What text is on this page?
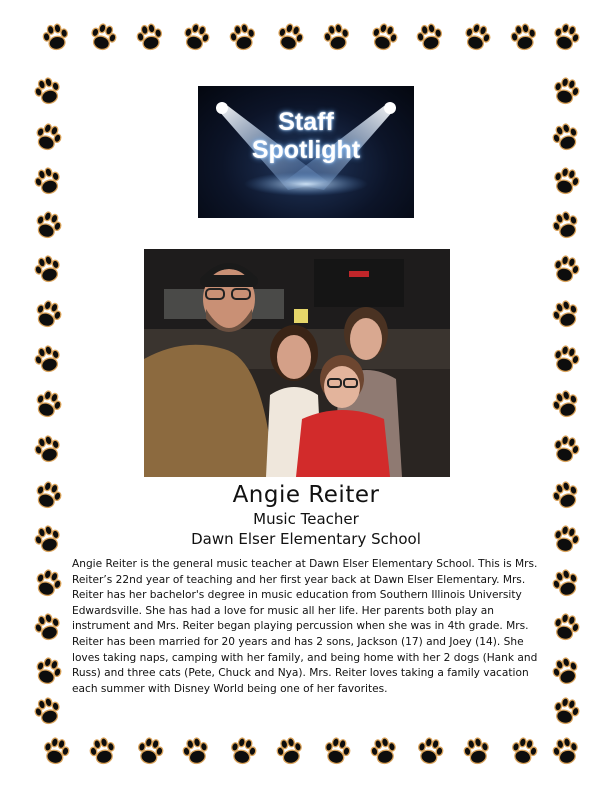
Staff
Spotlight
Angie Reiter
Music Teacher
Dawn Elser Elementary School

Angie Reiter is the general music teacher at Dawn Elser Elementary School. This is Mrs. Reiter’s 22nd year of teaching and her first year back at Dawn Elser Elementary. Mrs. Reiter has her bachelor's degree in music education from Southern Illinois University Edwardsville. She has had a love for music all her life. Her parents both play an instrument and Mrs. Reiter began playing percussion when she was in 4th grade. Mrs. Reiter has been married for 20 years and has 2 sons, Jackson (17) and Joey (14). She loves taking naps, camping with her family, and being home with her 2 dogs (Hank and Russ) and three cats (Pete, Chuck and Nya). Mrs. Reiter loves taking a family vacation each summer with Disney World being one of her favorites.
